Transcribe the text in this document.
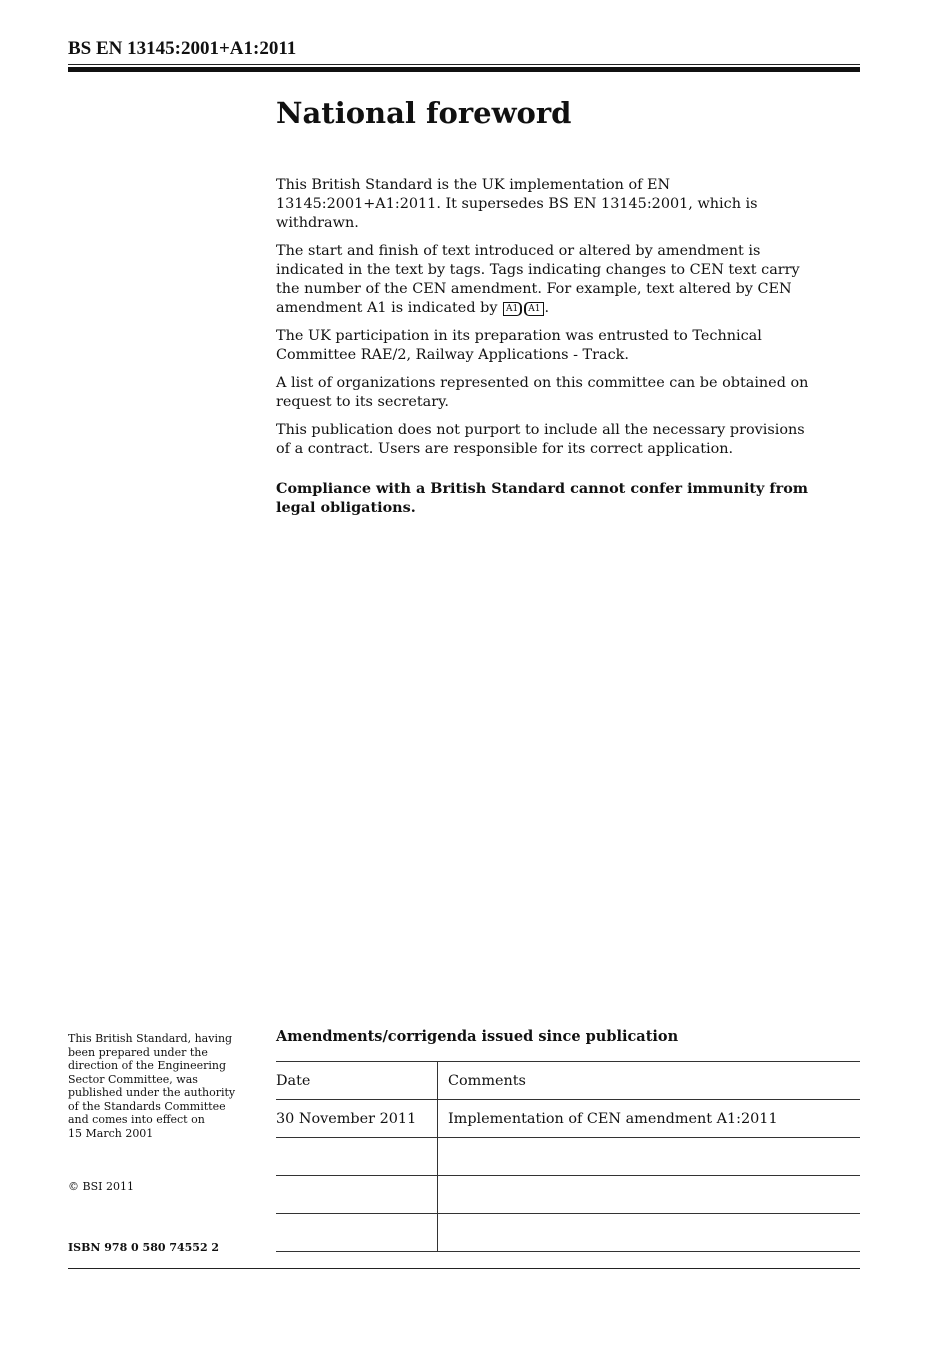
BS EN 13145:2001+A1:2011
National foreword

This British Standard is the UK implementation of EN 13145:2001+A1:2011. It supersedes BS EN 13145:2001, which is withdrawn.

The start and finish of text introduced or altered by amendment is indicated in the text by tags. Tags indicating changes to CEN text carry the number of the CEN amendment. For example, text altered by CEN amendment A1 is indicated by A1 A1 .

The UK participation in its preparation was entrusted to Technical Committee RAE/2, Railway Applications - Track.

A list of organizations represented on this committee can be obtained on request to its secretary.

This publication does not purport to include all the necessary provisions of a contract. Users are responsible for its correct application.

Compliance with a British Standard cannot confer immunity from legal obligations.

This British Standard, having
been prepared under the
direction of the Engineering
Sector Committee, was
published under the authority
of the Standards Committee
and comes into effect on
15 March 2001
© BSI 2011
ISBN 978 0 580 74552 2
Amendments/corrigenda issued since publication
Date	Comments
30 November 2011	Implementation of CEN amendment A1:2011
